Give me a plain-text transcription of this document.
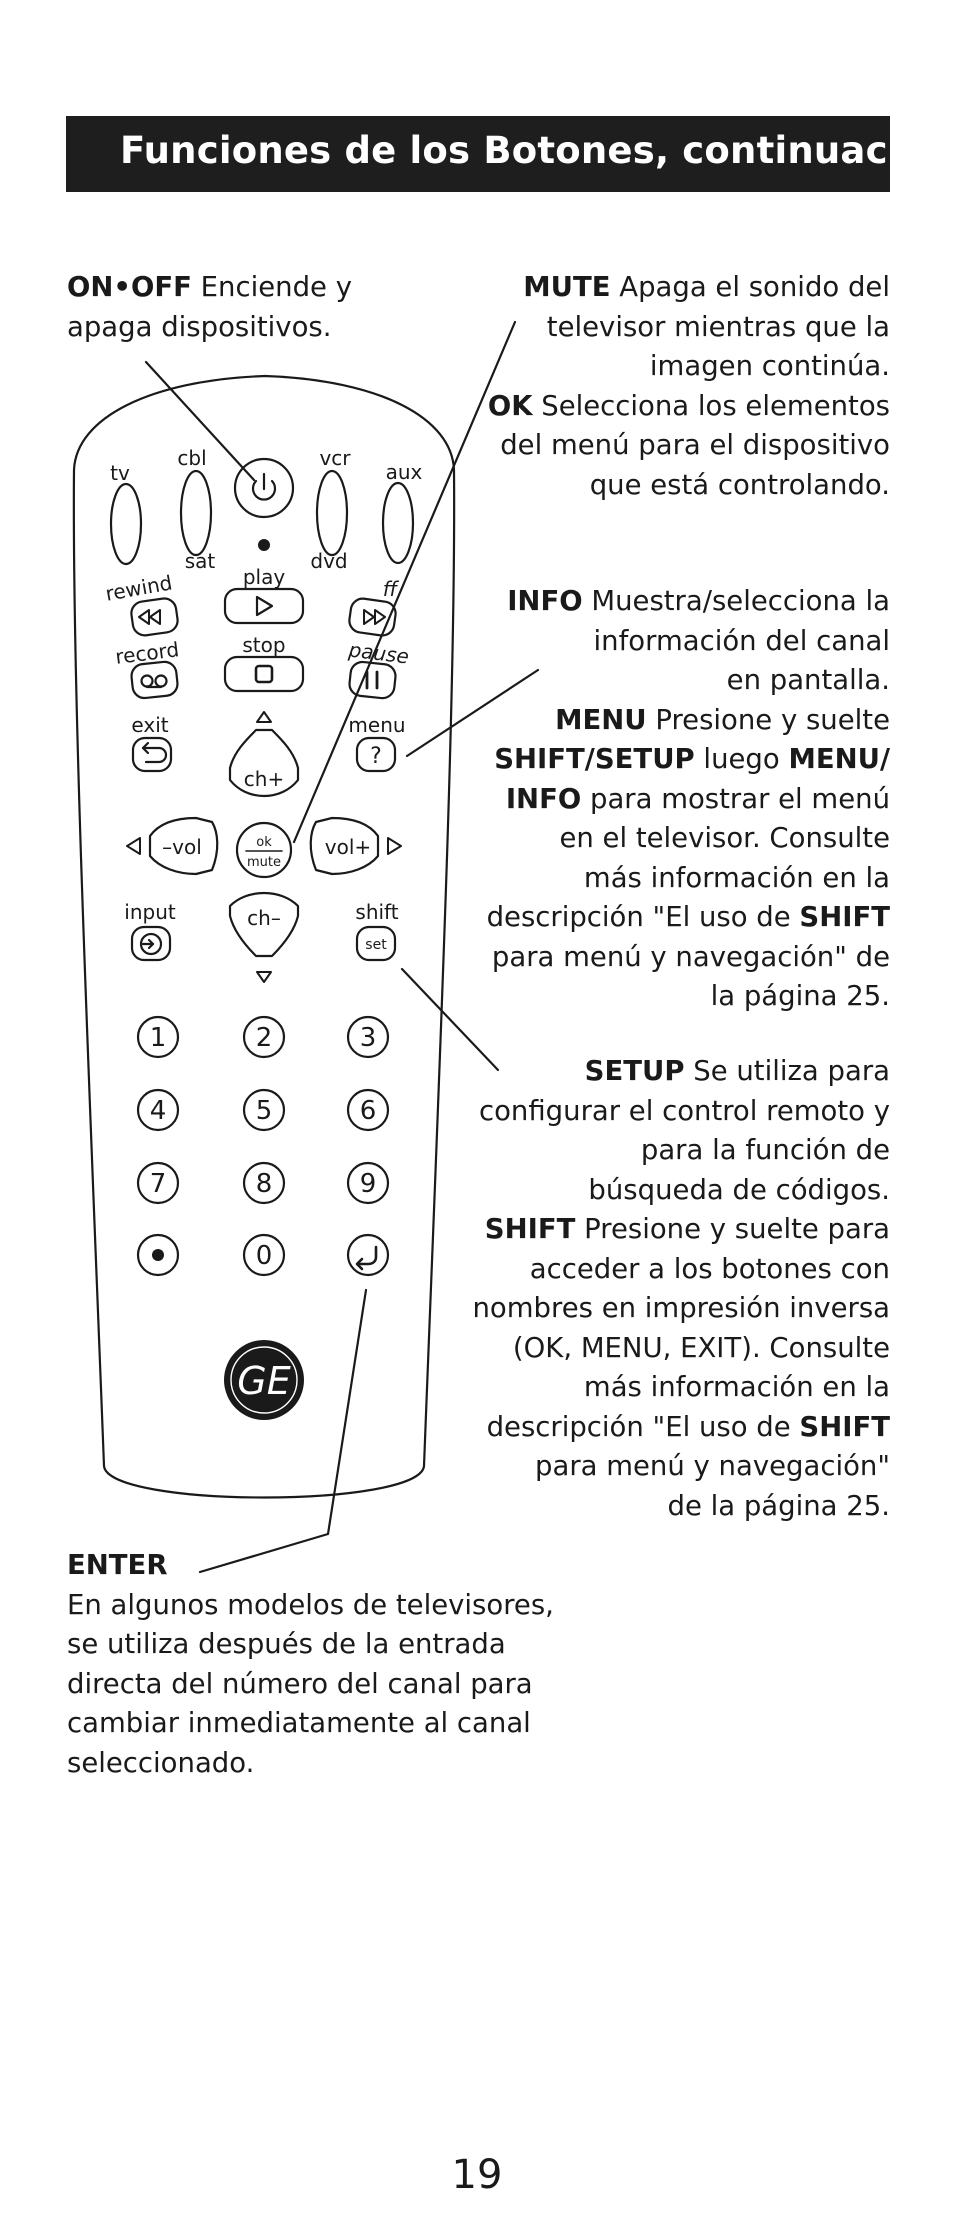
Funciones de los Botones, continuación
ON•OFF Enciende y
apaga dispositivos.
MUTE Apaga el sonido del
televisor mientras que la
imagen continúa.
OK Selecciona los elementos
del menú para el dispositivo
que está controlando.
INFO Muestra/selecciona la
información del canal
en pantalla.
MENU Presione y suelte
SHIFT/SETUP luego MENU/
INFO para mostrar el menú
en el televisor. Consulte
más información en la
descripción "El uso de SHIFT
para menú y navegación" de
la página 25.
SETUP Se utiliza para
configurar el control remoto y
para la función de
búsqueda de códigos.
SHIFT Presione y suelte para
acceder a los botones con
nombres en impresión inversa
(OK, MENU, EXIT). Consulte
más información en la
descripción "El uso de SHIFT
para menú y navegación"
de la página 25.
ENTER
En algunos modelos de televisores,
se utiliza después de la entrada
directa del número del canal para
cambiar inmediatamente al canal
seleccionado.
GE
tv
cbl
sat
vcr
dvd
aux
rewind	play	ff
record	stop	pause
exit	menu
ch+
ch–
–vol	vol+
input	shift
ok
mute
set
?
1	2	3
4	5	6
7	8	9
0
19
